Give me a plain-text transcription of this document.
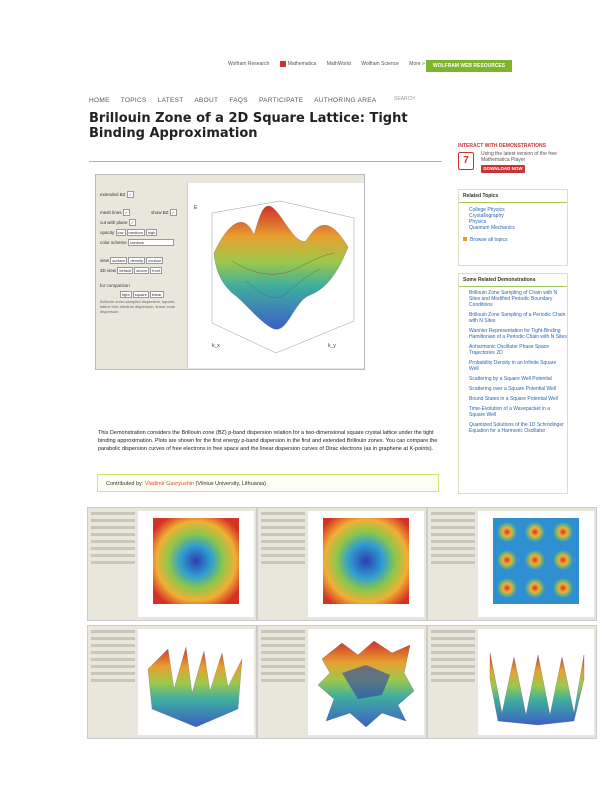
Wolfram Research	Mathematica MathWorld Wolfram Science More »	WOLFRAM WEB RESOURCES
HOME TOPICS LATEST ABOUT FAQS PARTICIPATE AUTHORING AREA	SEARCH
Brillouin Zone of a 2D Square Lattice: Tight Binding Approximation
INTERACT WITH DEMONSTRATIONS
7
Using the latest version of the free Mathematica Player
DOWNLOAD NOW
Related Topics
College Physics
Crystallography
Physics
Quantum Mechanics
Browse all topics
Some Related Demonstrations
Brillouin Zone Sampling of Chain with N Sites and Modified Periodic Boundary Conditions
Brillouin Zone Sampling of a Periodic Chain with N Sites
Wannier Representation for Tight-Binding Hamiltonian of a Periodic Chain with N Sites
Anharmonic Oscillator Phase Space Trajectories 2D
Probability Density in an Infinite Square Well
Scattering by a Square Well Potential
Scattering over a Square Potential Well
Bound States in a Square Potential Well
Time-Evolution of a Wavepacket in a Square Well
Quantized Solutions of the 1D Schrödinger Equation for a Harmonic Oscillator
extended BZ ✓
mesh lines ✓	show BZ ✓
cut with plane ✓
opacity low medium high
color scheme rainbow
view surface density contour
3D view default above front
for comparison
tight square linear
Brillouin zone-sampled dispersion, square-lattice free-electron dispersion, linear cone dispersion
E
k_x	k_y
This Demonstration considers the Brillouin zone (BZ) p-band dispersion relation for a two-dimensional square crystal lattice under the tight binding approximation. Plots are shown for the first energy p-band dispersion in the first and extended Brillouin zones. You can compare the parabolic dispersion curves of free electrons in free space and the linear dispersion curves of Dirac electrons (as in graphene at K-points).
Contributed by: Vladimir Gavryushin (Vilnius University, Lithuania)
